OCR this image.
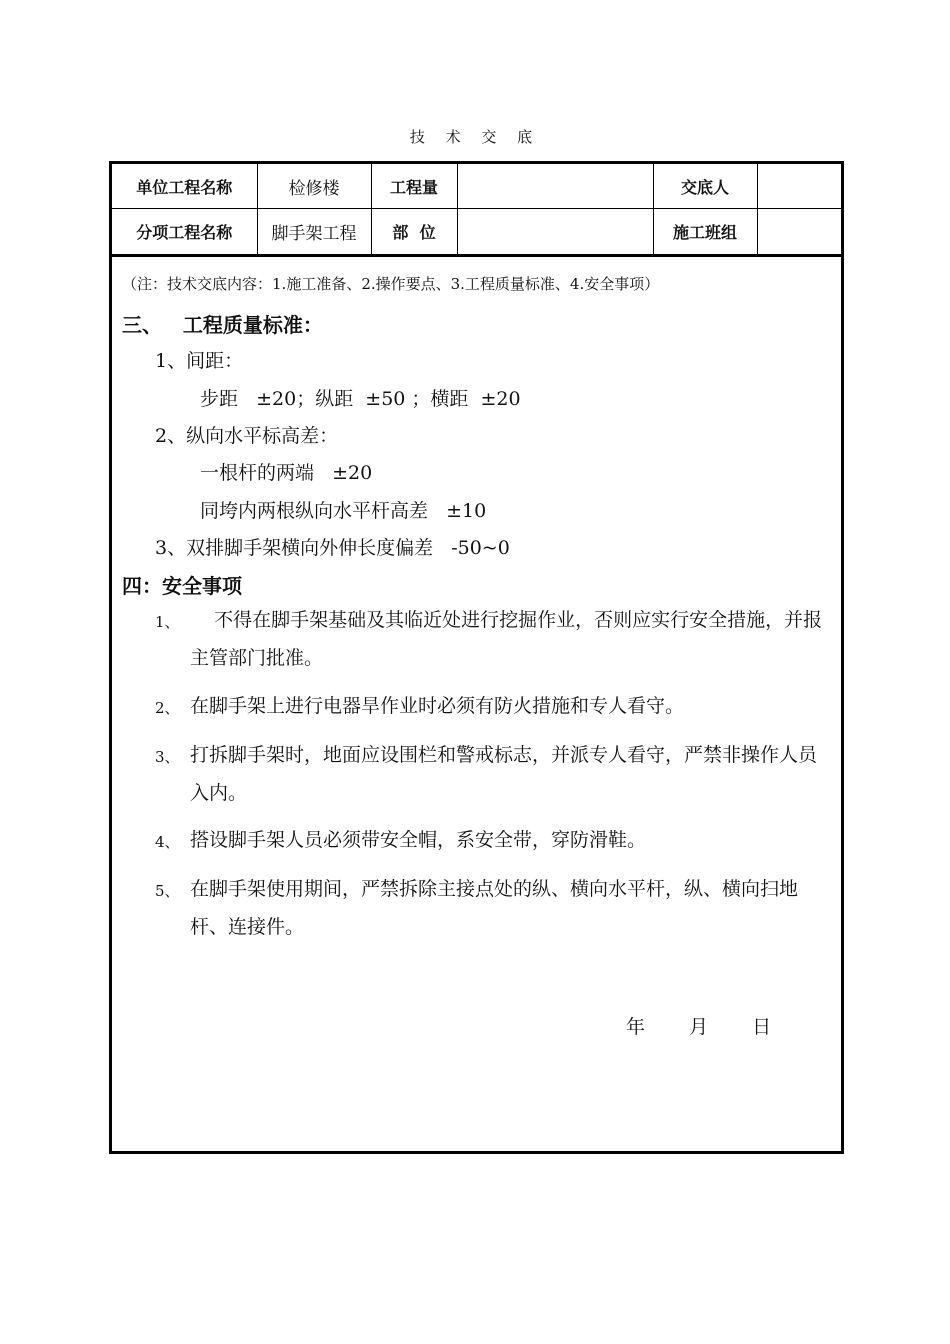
技 术 交 底
单位工程名称	检修楼	工程量		交底人	
分项工程名称	脚手架工程	部  位		施工班组	
（注：技术交底内容：1.施工准备、2.操作要点、3.工程质量标准、4.安全事项）
三、   工程质量标准：
1、间距：
步距   ±20；纵距  ±50 ；横距  ±20
2、纵向水平标高差：
一根杆的两端   ±20
同垮内两根纵向水平杆高差   ±10
3、双排脚手架横向外伸长度偏差   -50~0
四：安全事项
1、 不得在脚手架基础及其临近处进行挖掘作业，否则应实行安全措施，并报主管部门批准。
2、 在脚手架上进行电器旱作业时必须有防火措施和专人看守。
3、 打拆脚手架时，地面应设围栏和警戒标志，并派专人看守，严禁非操作人员入内。
4、 搭设脚手架人员必须带安全帽，系安全带，穿防滑鞋。
5、 在脚手架使用期间，严禁拆除主接点处的纵、横向水平杆，纵、横向扫地杆、连接件。
年  月  日
